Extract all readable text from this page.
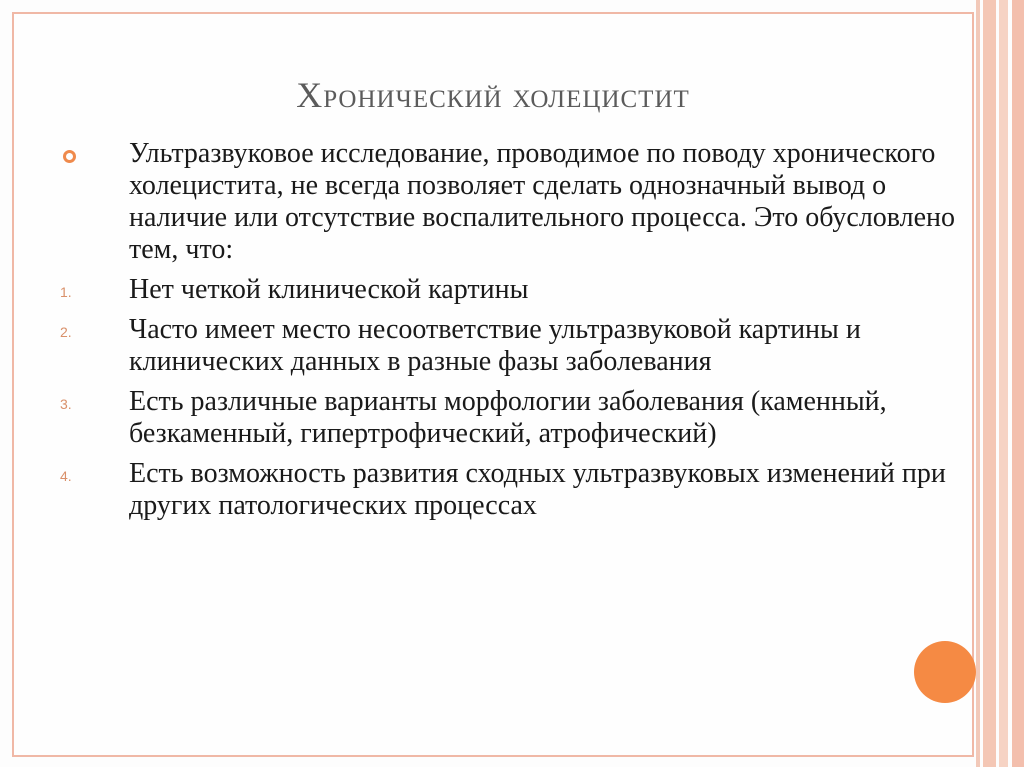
Хронический холецистит

Ультразвуковое исследование, проводимое по поводу хронического холецистита, не всегда позволяет сделать однозначный вывод о наличие или отсутствие воспалительного процесса. Это обусловлено тем, что:

1.	Нет четкой клинической картины

2.	Часто имеет место несоответствие ультразвуковой картины и клинических данных в разные фазы заболевания

3.	Есть различные варианты морфологии заболевания (каменный, безкаменный, гипертрофический, атрофический)

4.	Есть возможность развития сходных ультразвуковых изменений при других патологических процессах
